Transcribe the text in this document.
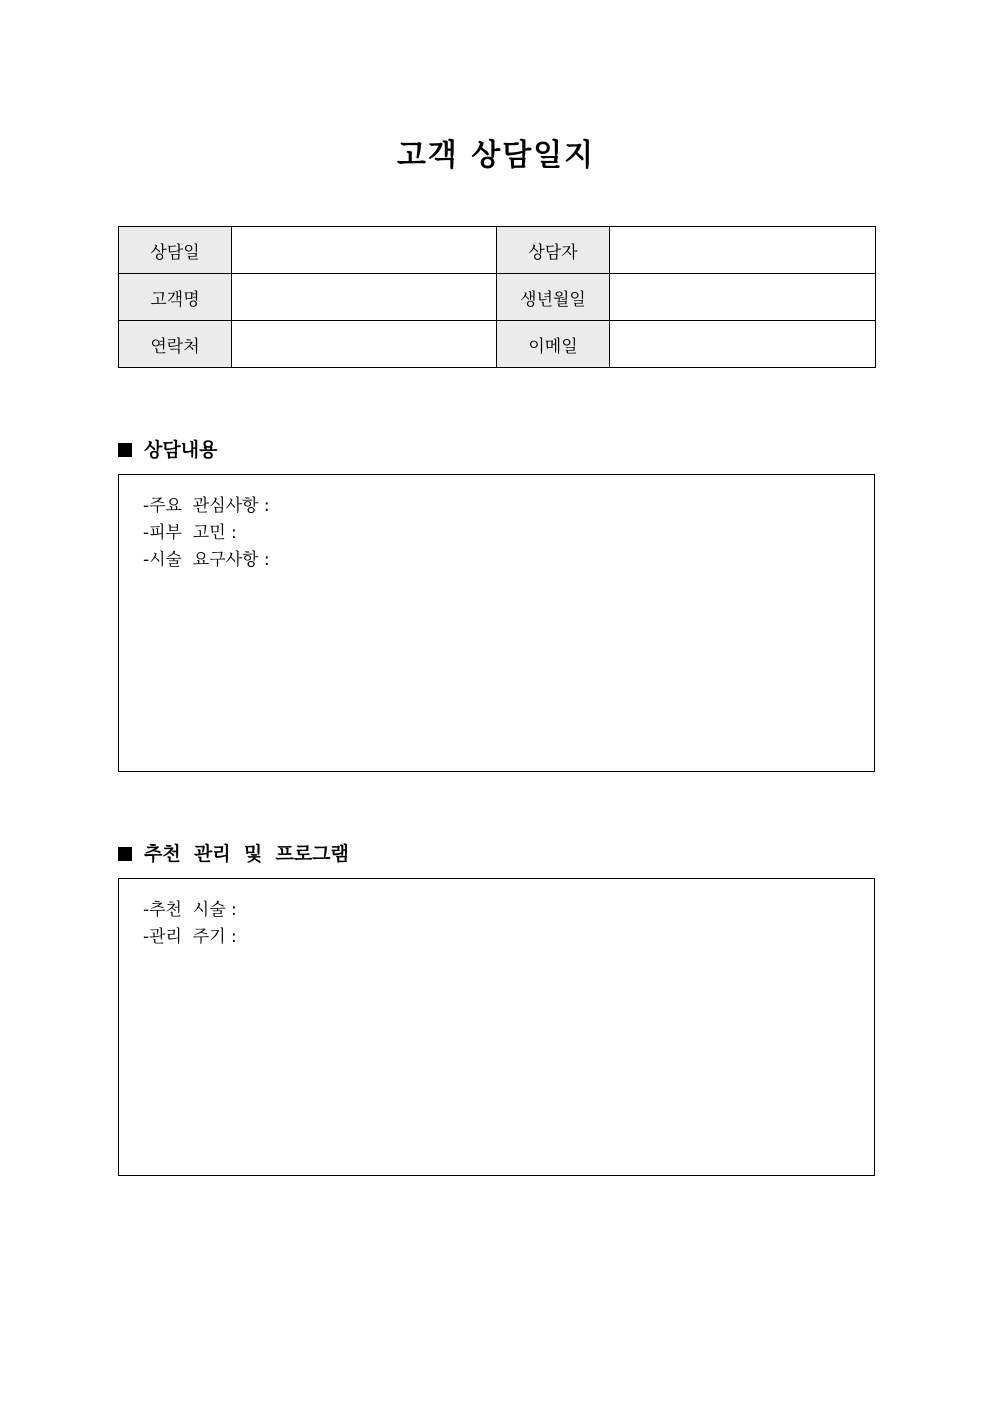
고객 상담일지
상담일		상담자	
고객명		생년월일	
연락처		이메일	
상담내용
-주요  관심사항 :
-피부  고민 :
-시술  요구사항 :
추천  관리  및  프로그램
-추천  시술 :
-관리  주기 :
